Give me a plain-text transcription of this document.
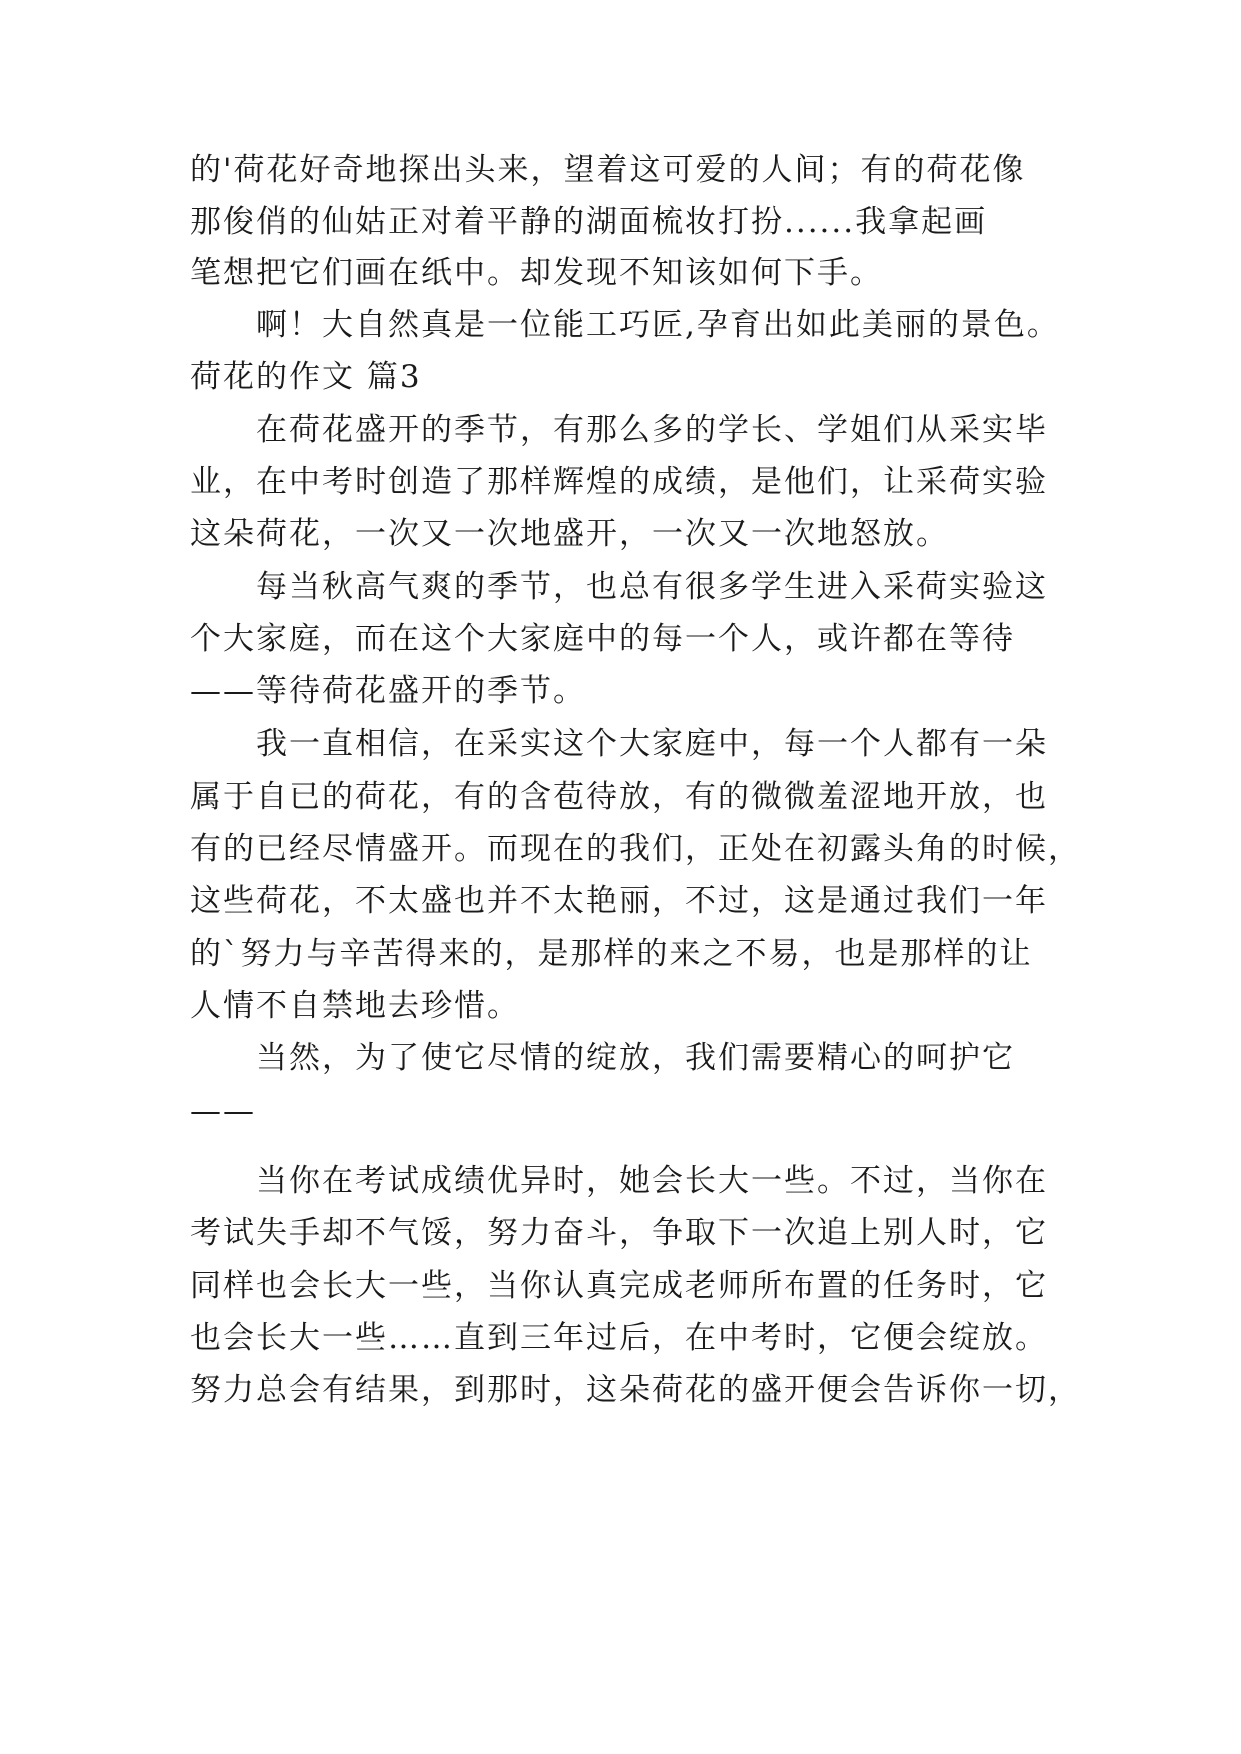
的'荷花好奇地探出头来，望着这可爱的人间；有的荷花像
那俊俏的仙姑正对着平静的湖面梳妆打扮......我拿起画
笔想把它们画在纸中。却发现不知该如何下手。
啊！大自然真是一位能工巧匠,孕育出如此美丽的景色。
荷花的作文 篇3
在荷花盛开的季节，有那么多的学长、学姐们从采实毕
业，在中考时创造了那样辉煌的成绩，是他们，让采荷实验
这朵荷花，一次又一次地盛开，一次又一次地怒放。
每当秋高气爽的季节，也总有很多学生进入采荷实验这
个大家庭，而在这个大家庭中的每一个人，或许都在等待
——等待荷花盛开的季节。
我一直相信，在采实这个大家庭中，每一个人都有一朵
属于自已的荷花，有的含苞待放，有的微微羞涩地开放，也
有的已经尽情盛开。而现在的我们，正处在初露头角的时候，
这些荷花，不太盛也并不太艳丽，不过，这是通过我们一年
的`努力与辛苦得来的，是那样的来之不易，也是那样的让
人情不自禁地去珍惜。
当然，为了使它尽情的绽放，我们需要精心的呵护它
——
当你在考试成绩优异时，她会长大一些。不过，当你在
考试失手却不气馁，努力奋斗，争取下一次追上别人时，它
同样也会长大一些，当你认真完成老师所布置的任务时，它
也会长大一些……直到三年过后，在中考时，它便会绽放。
努力总会有结果，到那时，这朵荷花的盛开便会告诉你一切，
